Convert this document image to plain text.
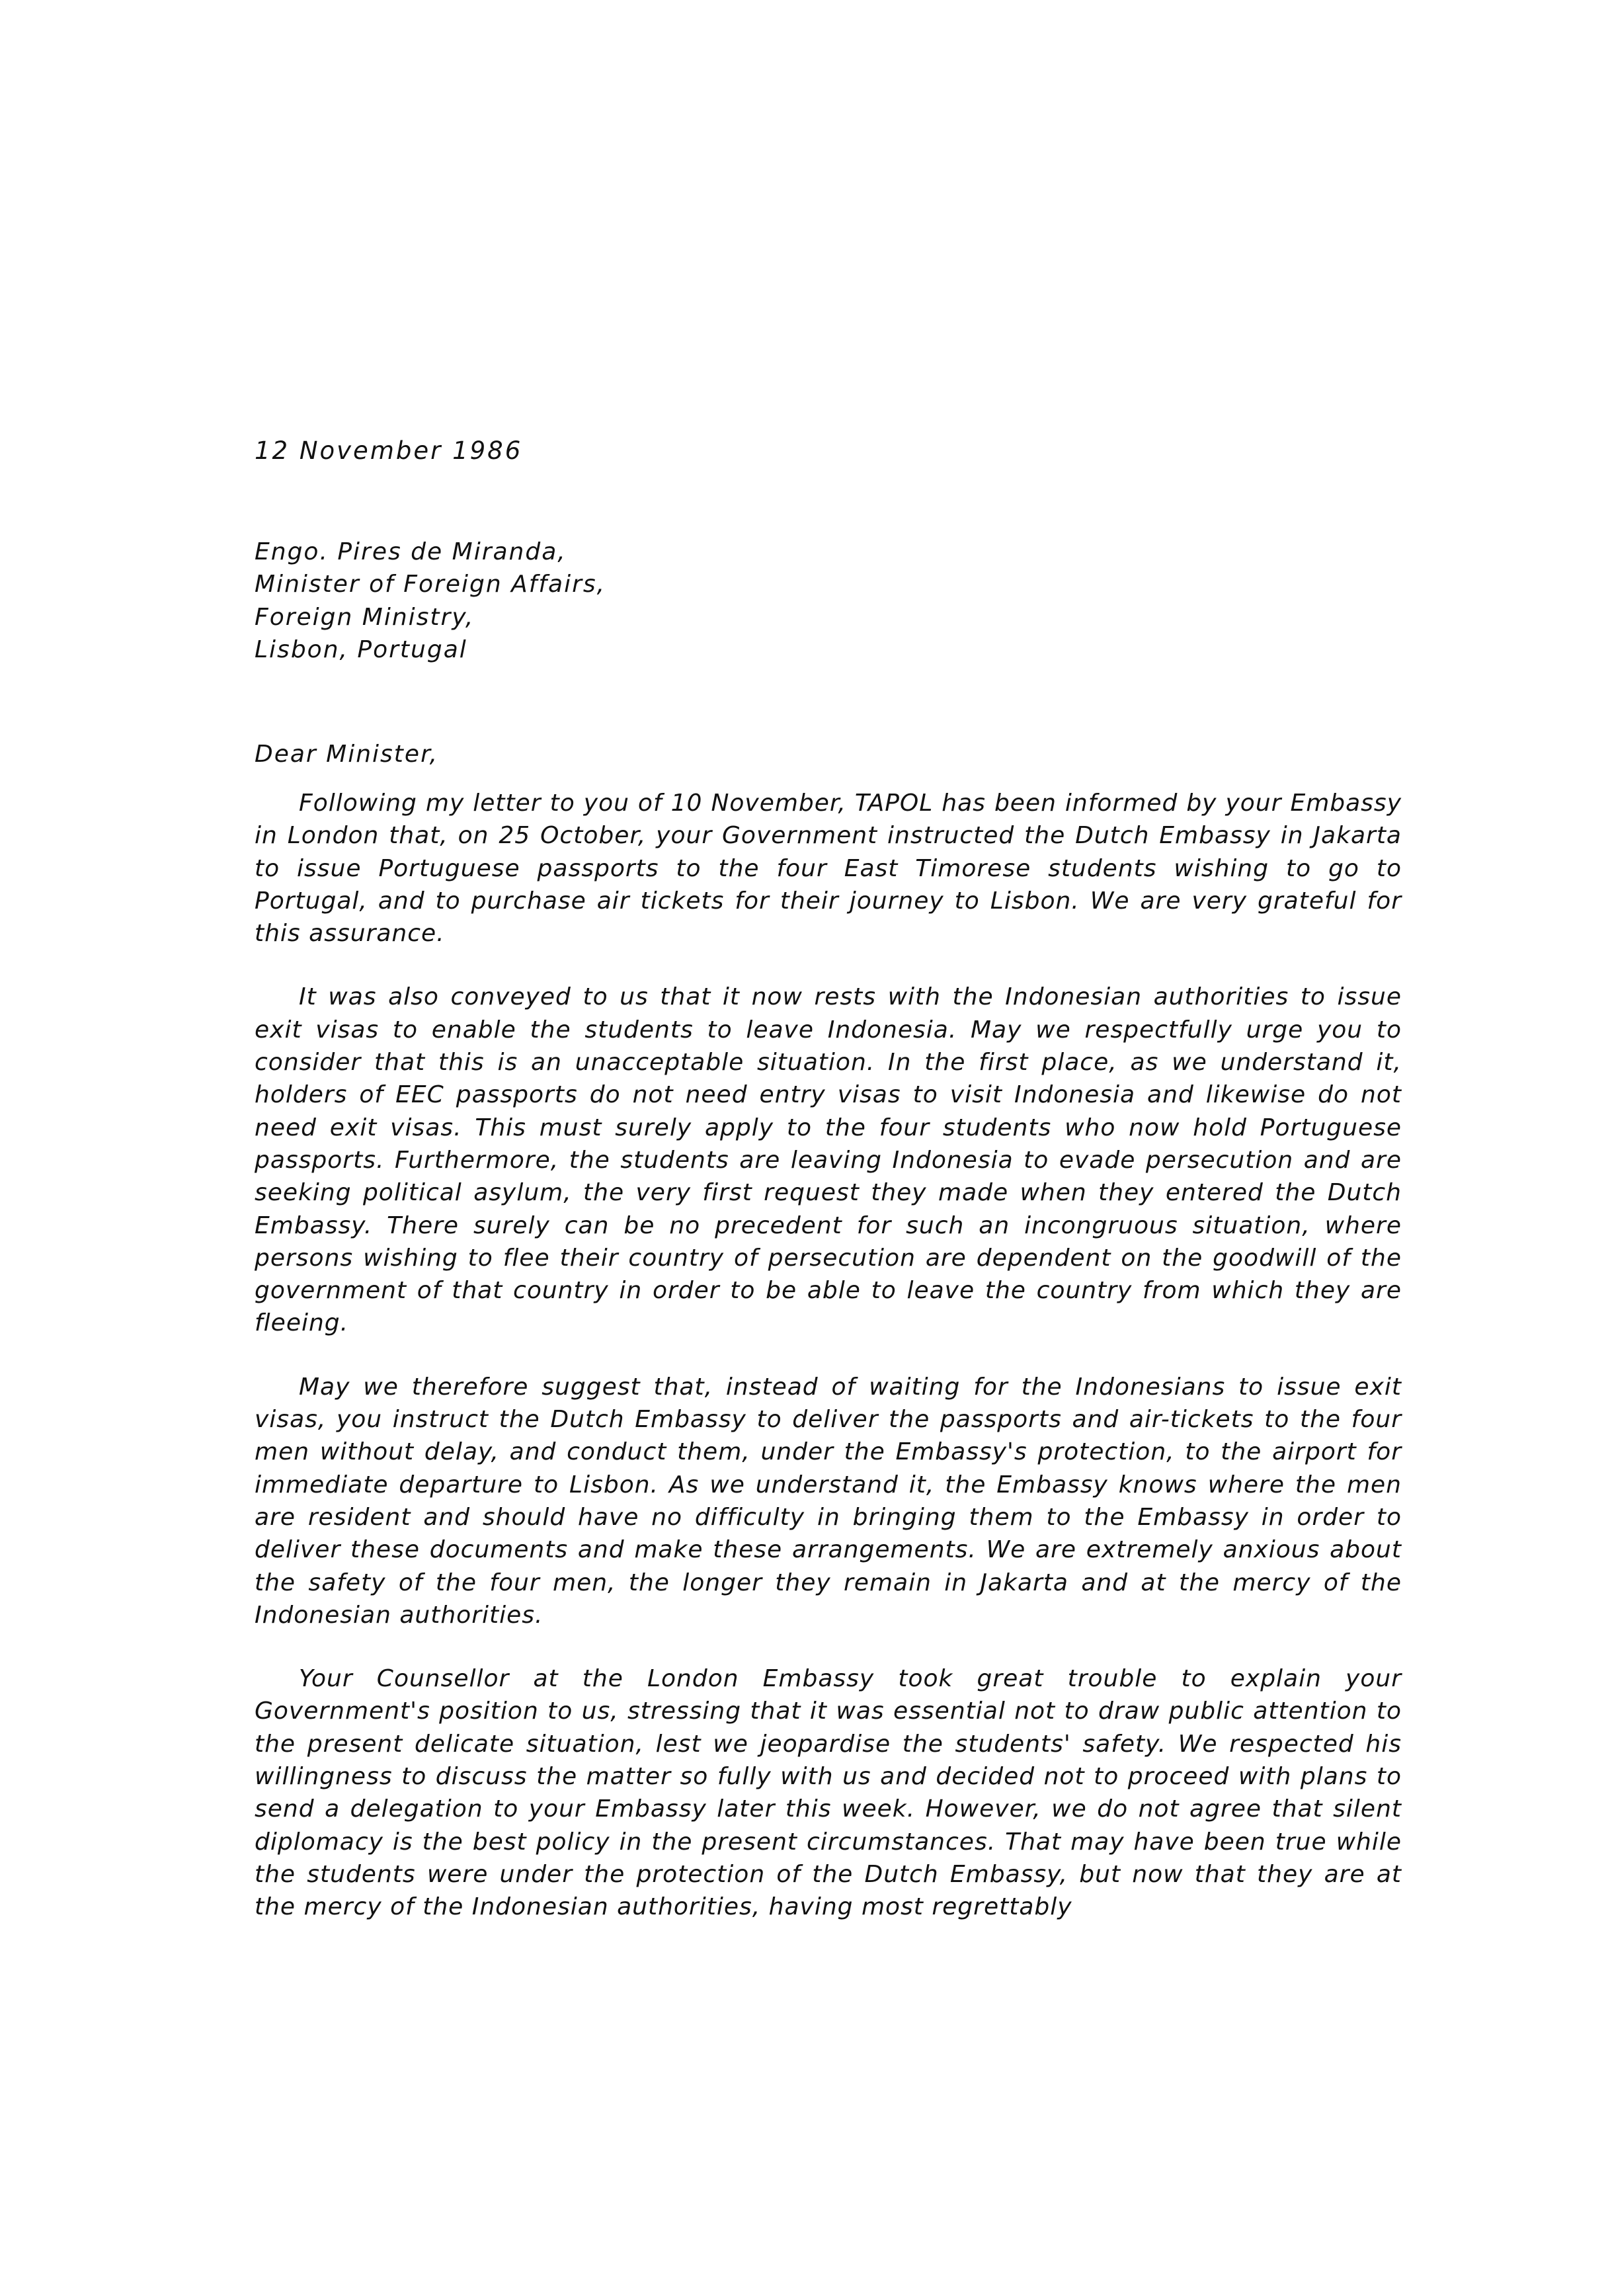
12 November 1986
Engo. Pires de Miranda,
Minister of Foreign Affairs,
Foreign Ministry,
Lisbon, Portugal
Dear Minister,

Following my letter to you of 10 November, TAPOL has been informed by your Embassy in London that, on 25 October, your Government instructed the Dutch Embassy in Jakarta to issue Portuguese passports to the four East Timorese students wishing to go to Portugal, and to purchase air tickets for their journey to Lisbon. We are very grateful for this assurance.

It was also conveyed to us that it now rests with the Indonesian authorities to issue exit visas to enable the students to leave Indonesia. May we respectfully urge you to consider that this is an unacceptable situation. In the first place, as we understand it, holders of EEC passports do not need entry visas to visit Indonesia and likewise do not need exit visas. This must surely apply to the four students who now hold Portuguese passports. Furthermore, the students are leaving Indonesia to evade persecution and are seeking political asylum, the very first request they made when they entered the Dutch Embassy. There surely can be no precedent for such an incongruous situation, where persons wishing to flee their country of persecution are dependent on the goodwill of the government of that country in order to be able to leave the country from which they are fleeing.

May we therefore suggest that, instead of waiting for the Indonesians to issue exit visas, you instruct the Dutch Embassy to deliver the passports and air-tickets to the four men without delay, and conduct them, under the Embassy's protection, to the airport for immediate departure to Lisbon. As we understand it, the Embassy knows where the men are resident and should have no difficulty in bringing them to the Embassy in order to deliver these documents and make these arrangements. We are extremely anxious about the safety of the four men, the longer they remain in Jakarta and at the mercy of the Indonesian authorities.

Your Counsellor at the London Embassy took great trouble to explain your Government's position to us, stressing that it was essential not to draw public attention to the present delicate situation, lest we jeopardise the students' safety. We respected his willingness to discuss the matter so fully with us and decided not to proceed with plans to send a delegation to your Embassy later this week. However, we do not agree that silent diplomacy is the best policy in the present circumstances. That may have been true while the students were under the protection of the Dutch Embassy, but now that they are at the mercy of the Indonesian authorities, having most regrettably
